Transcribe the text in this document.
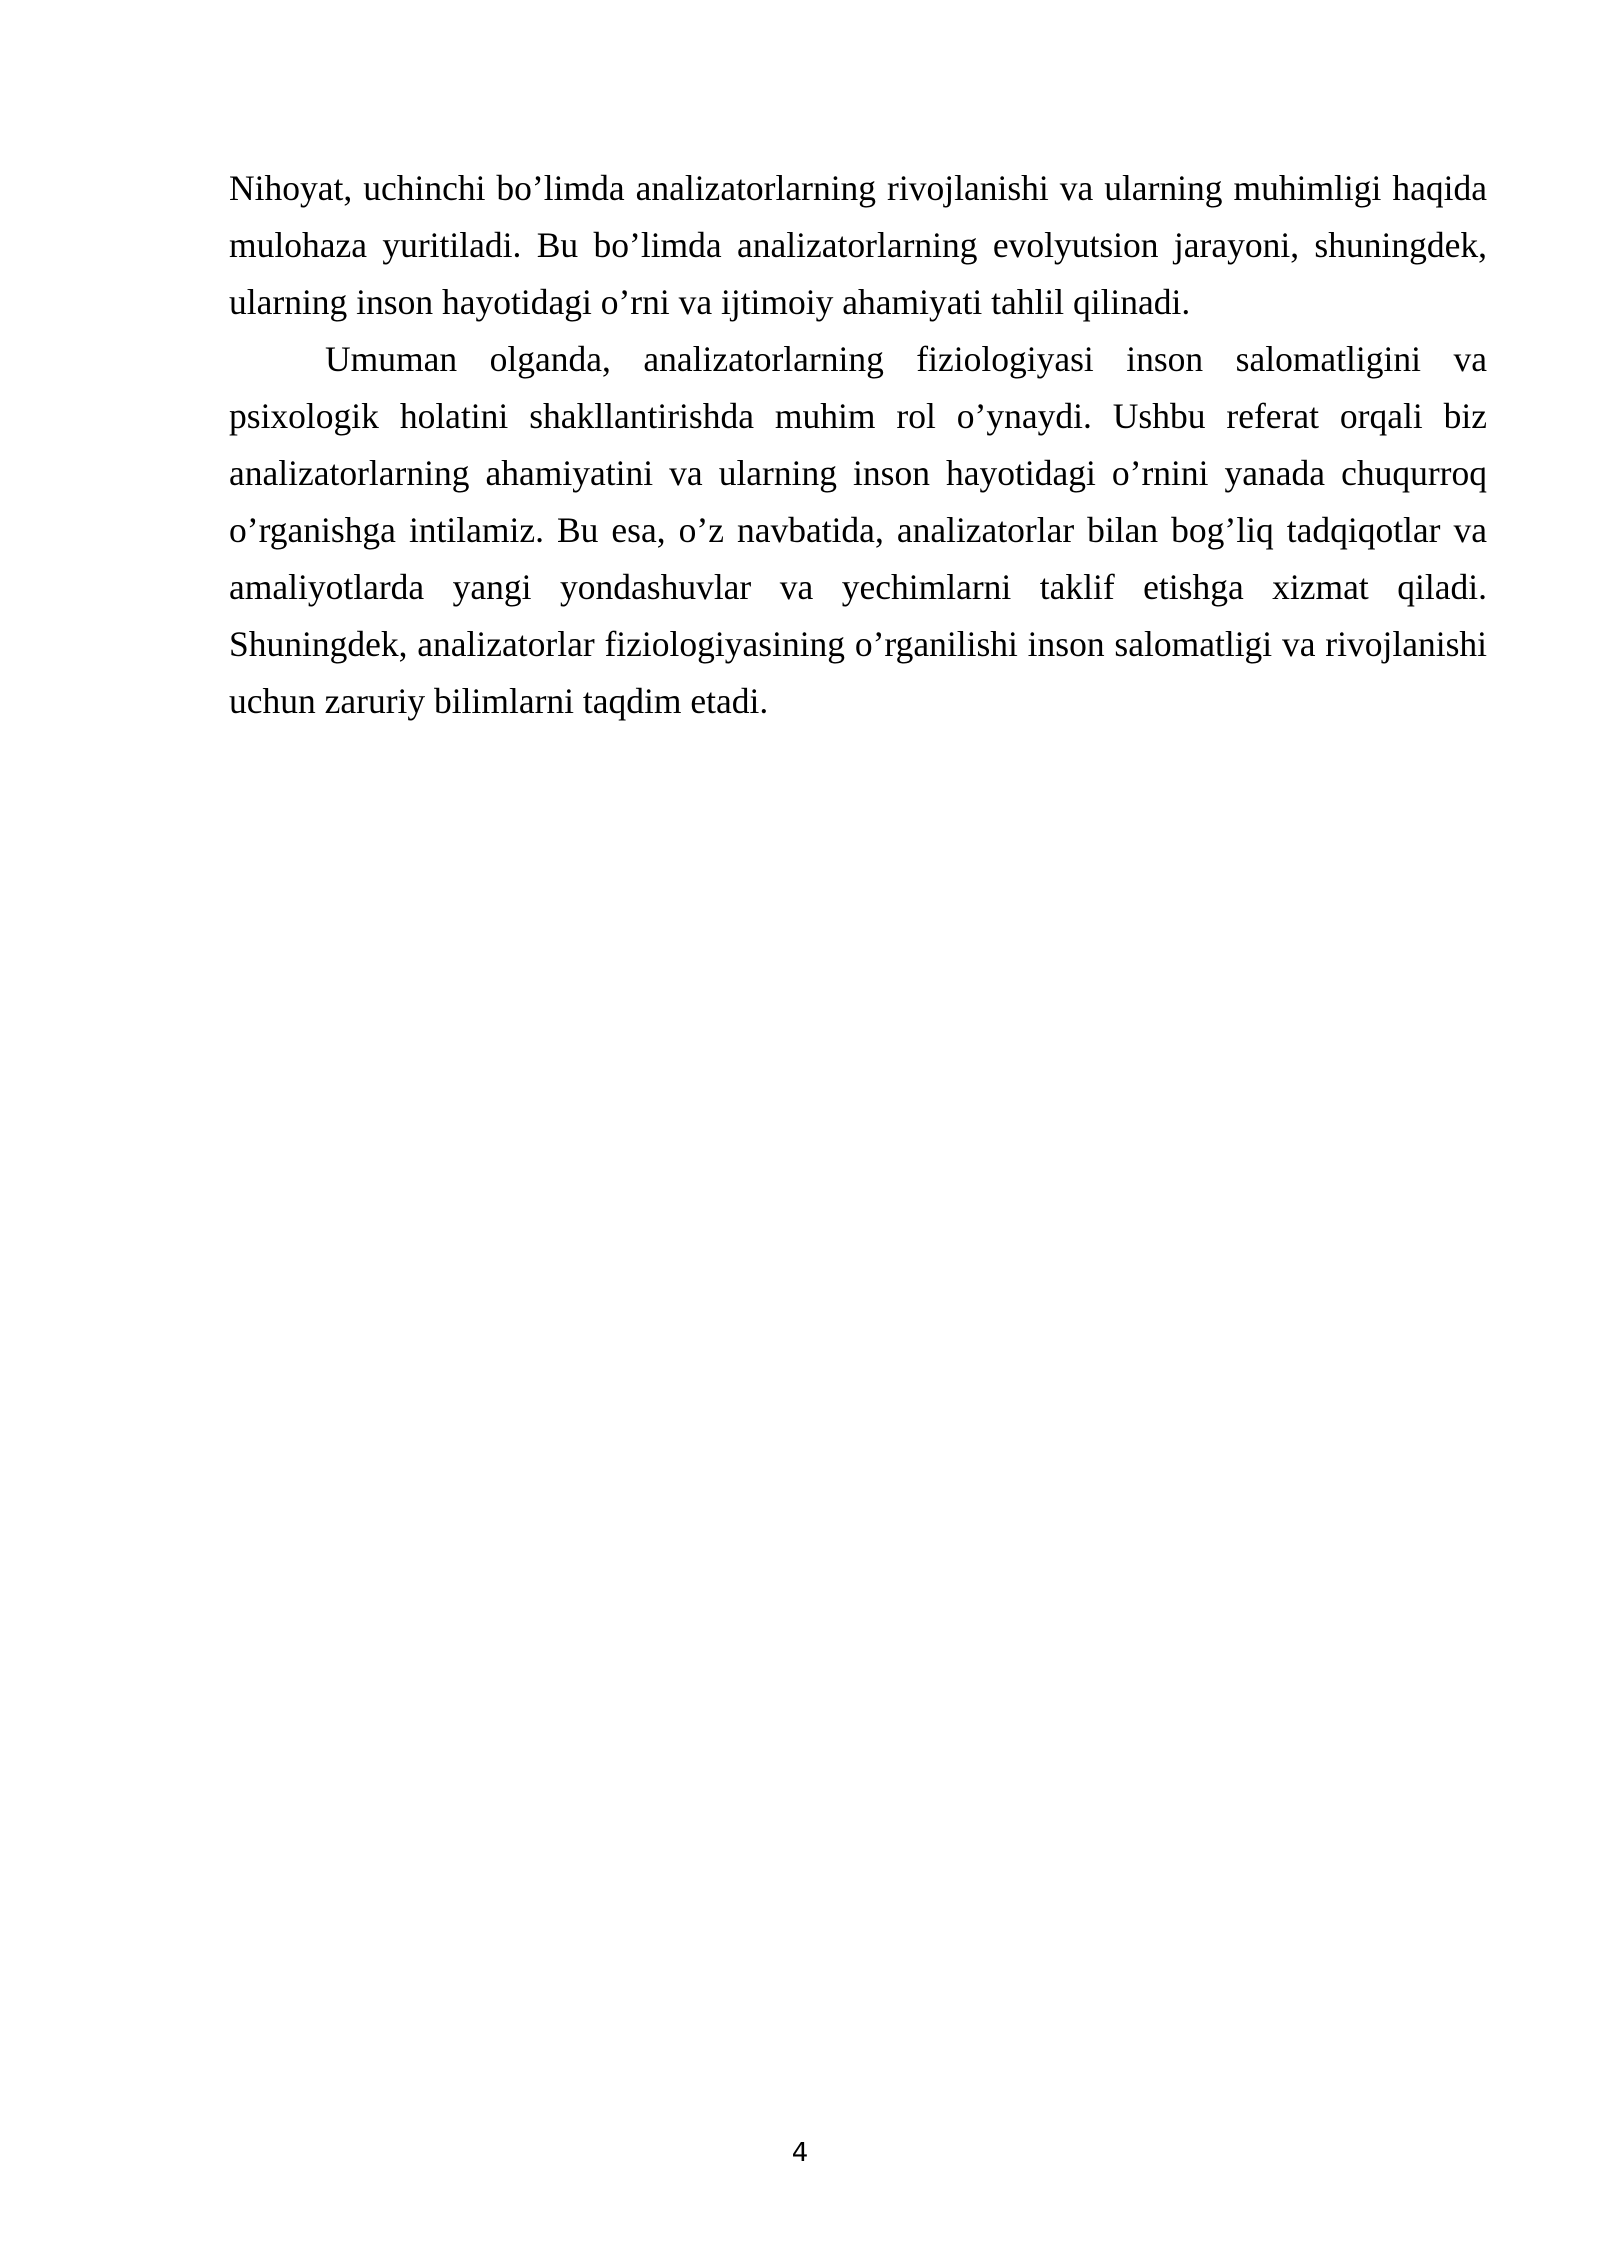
Nihoyat, uchinchi bo’limda analizatorlarning rivojlanishi va ularning muhimligi haqida mulohaza yuritiladi. Bu bo’limda analizatorlarning evolyutsion jarayoni, shuningdek, ularning inson hayotidagi o’rni va ijtimoiy ahamiyati tahlil qilinadi.

Umuman olganda, analizatorlarning fiziologiyasi inson salomatligini va psixologik holatini shakllantirishda muhim rol o’ynaydi. Ushbu referat orqali biz analizatorlarning ahamiyatini va ularning inson hayotidagi o’rnini yanada chuqurroq o’rganishga intilamiz. Bu esa, o’z navbatida, analizatorlar bilan bog’liq tadqiqotlar va amaliyotlarda yangi yondashuvlar va yechimlarni taklif etishga xizmat qiladi. Shuningdek, analizatorlar fiziologiyasining o’rganilishi inson salomatligi va rivojlanishi uchun zaruriy bilimlarni taqdim etadi.

4
